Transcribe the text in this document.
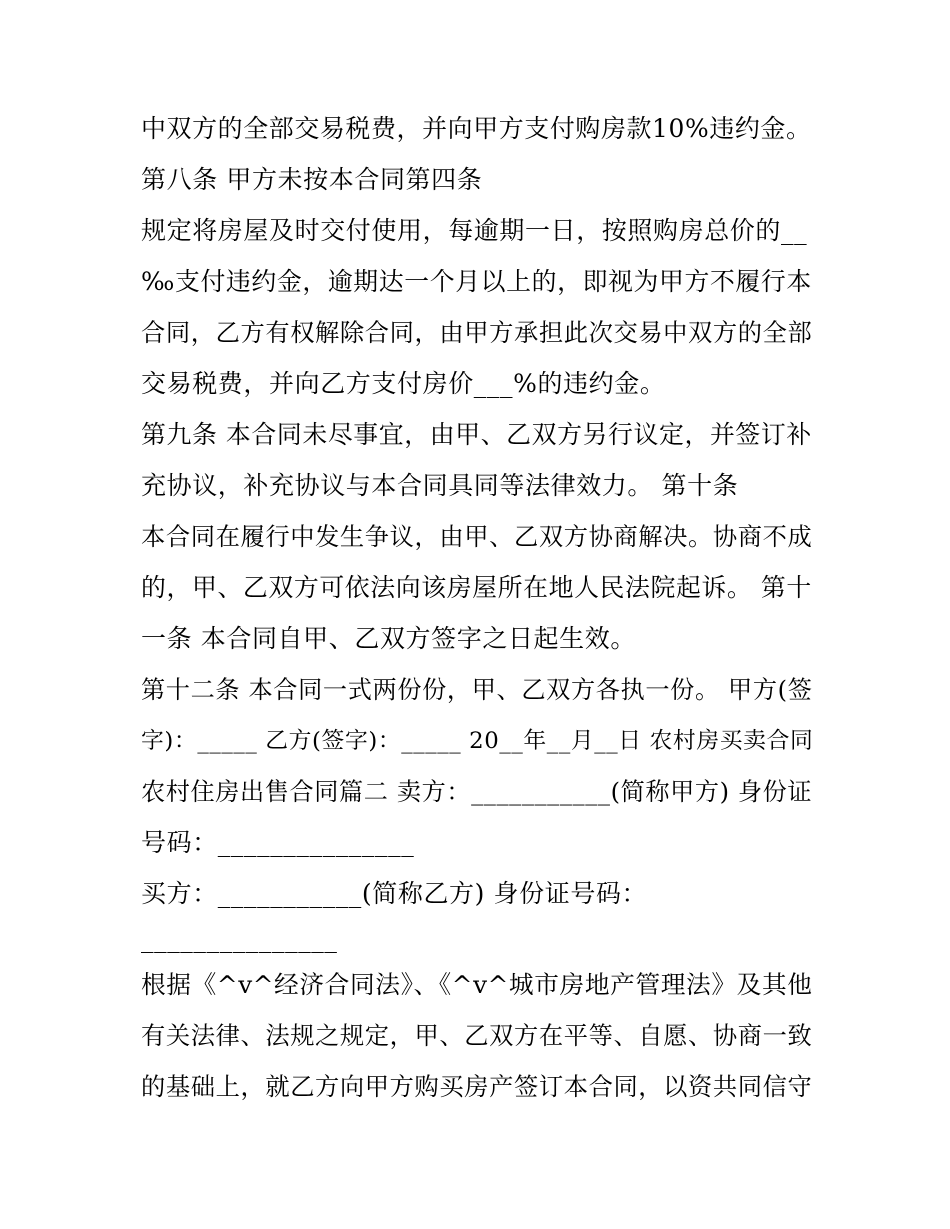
中双方的全部交易税费，并向甲方支付购房款10%违约金。

第八条 甲方未按本合同第四条

规定将房屋及时交付使用，每逾期一日，按照购房总价的__

‰支付违约金，逾期达一个月以上的，即视为甲方不履行本

合同，乙方有权解除合同，由甲方承担此次交易中双方的全部

交易税费，并向乙方支付房价___%的违约金。

第九条 本合同未尽事宜，由甲、乙双方另行议定，并签订补

充协议，补充协议与本合同具同等法律效力。 第十条

本合同在履行中发生争议，由甲、乙双方协商解决。协商不成

的，甲、乙双方可依法向该房屋所在地人民法院起诉。 第十

一条 本合同自甲、乙双方签字之日起生效。

第十二条 本合同一式两份份，甲、乙双方各执一份。 甲方(签

字)：_____ 乙方(签字)：_____ 20__年__月__日 农村房买卖合同

农村住房出售合同篇二 卖方：___________(简称甲方) 身份证

号码：_______________

买方：___________(简称乙方) 身份证号码：

_______________

根据《^v^经济合同法》、《^v^城市房地产管理法》及其他

有关法律、法规之规定，甲、乙双方在平等、自愿、协商一致

的基础上，就乙方向甲方购买房产签订本合同，以资共同信守
